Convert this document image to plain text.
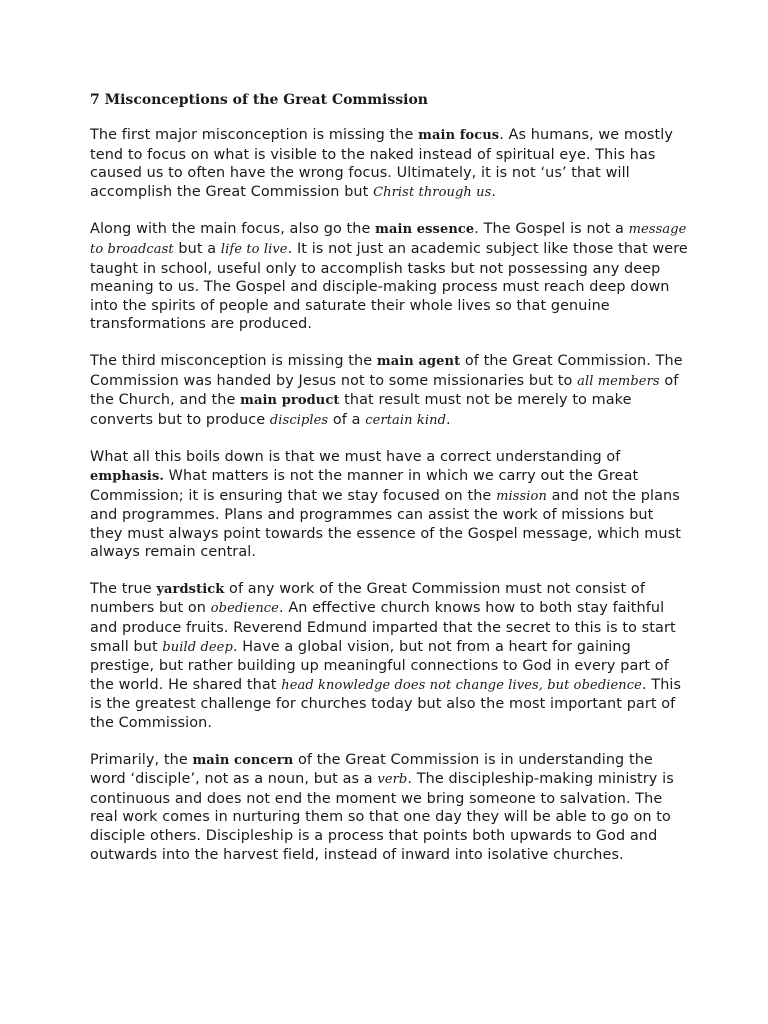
7 Misconceptions of the Great Commission

The first major misconception is missing the main focus. As humans, we mostly tend to focus on what is visible to the naked instead of spiritual eye. This has caused us to often have the wrong focus. Ultimately, it is not ‘us’ that will accomplish the Great Commission but Christ through us.

Along with the main focus, also go the main essence. The Gospel is not a message to broadcast but a life to live. It is not just an academic subject like those that were taught in school, useful only to accomplish tasks but not possessing any deep meaning to us. The Gospel and disciple-making process must reach deep down into the spirits of people and saturate their whole lives so that genuine transformations are produced.

The third misconception is missing the main agent of the Great Commission. The Commission was handed by Jesus not to some missionaries but to all members of the Church, and the main product that result must not be merely to make converts but to produce disciples of a certain kind.

What all this boils down is that we must have a correct understanding of emphasis. What matters is not the manner in which we carry out the Great Commission; it is ensuring that we stay focused on the mission and not the plans and programmes. Plans and programmes can assist the work of missions but they must always point towards the essence of the Gospel message, which must always remain central.

The true yardstick of any work of the Great Commission must not consist of numbers but on obedience. An effective church knows how to both stay faithful and produce fruits. Reverend Edmund imparted that the secret to this is to start small but build deep. Have a global vision, but not from a heart for gaining prestige, but rather building up meaningful connections to God in every part of the world. He shared that head knowledge does not change lives, but obedience. This is the greatest challenge for churches today but also the most important part of the Commission.

Primarily, the main concern of the Great Commission is in understanding the word ‘disciple’, not as a noun, but as a verb. The discipleship-making ministry is continuous and does not end the moment we bring someone to salvation. The real work comes in nurturing them so that one day they will be able to go on to disciple others. Discipleship is a process that points both upwards to God and outwards into the harvest field, instead of inward into isolative churches.
